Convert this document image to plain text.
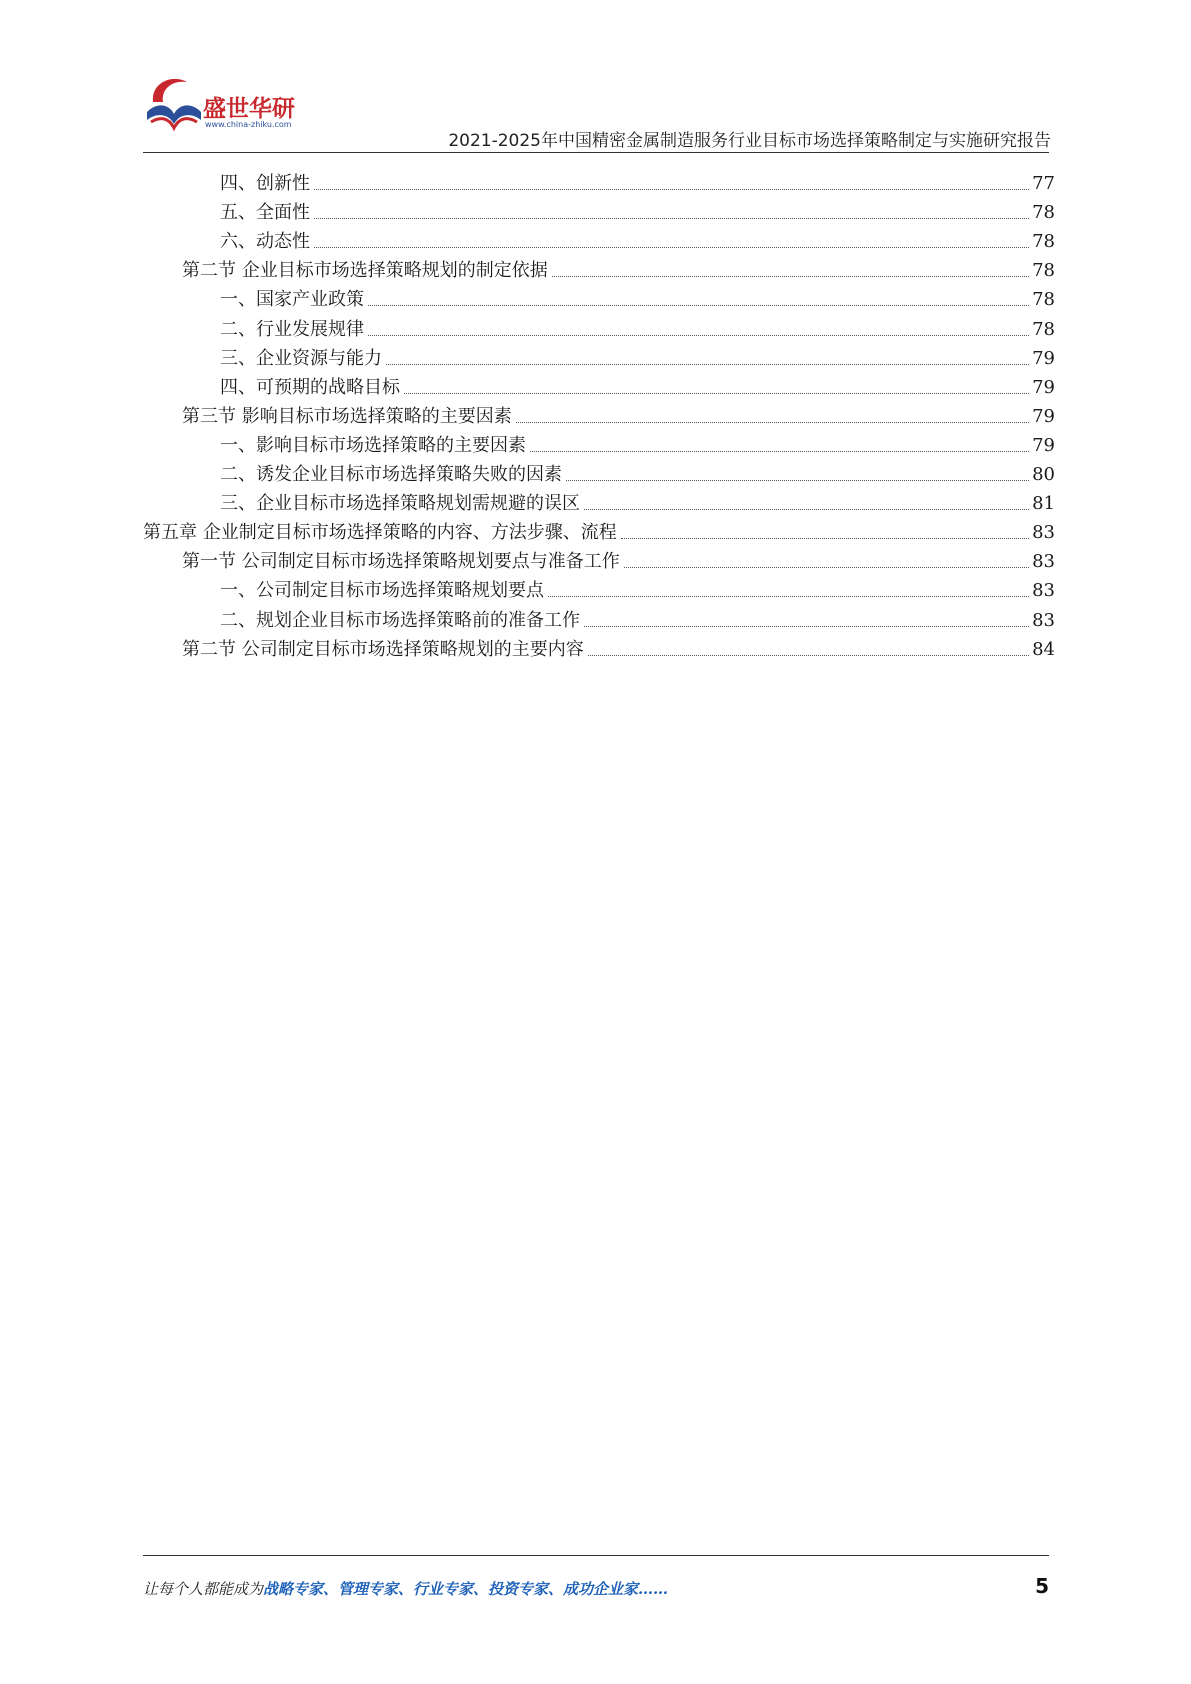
盛世华研
www.china-zhiku.com
2021-2025年中国精密金属制造服务行业目标市场选择策略制定与实施研究报告
四、创新性	77
五、全面性	78
六、动态性	78
第二节 企业目标市场选择策略规划的制定依据	78
一、国家产业政策	78
二、行业发展规律	78
三、企业资源与能力	79
四、可预期的战略目标	79
第三节 影响目标市场选择策略的主要因素	79
一、影响目标市场选择策略的主要因素	79
二、诱发企业目标市场选择策略失败的因素	80
三、企业目标市场选择策略规划需规避的误区	81
第五章 企业制定目标市场选择策略的内容、方法步骤、流程	83
第一节 公司制定目标市场选择策略规划要点与准备工作	83
一、公司制定目标市场选择策略规划要点	83
二、规划企业目标市场选择策略前的准备工作	83
第二节 公司制定目标市场选择策略规划的主要内容	84
让每个人都能成为战略专家、管理专家、行业专家、投资专家、成功企业家……	5
